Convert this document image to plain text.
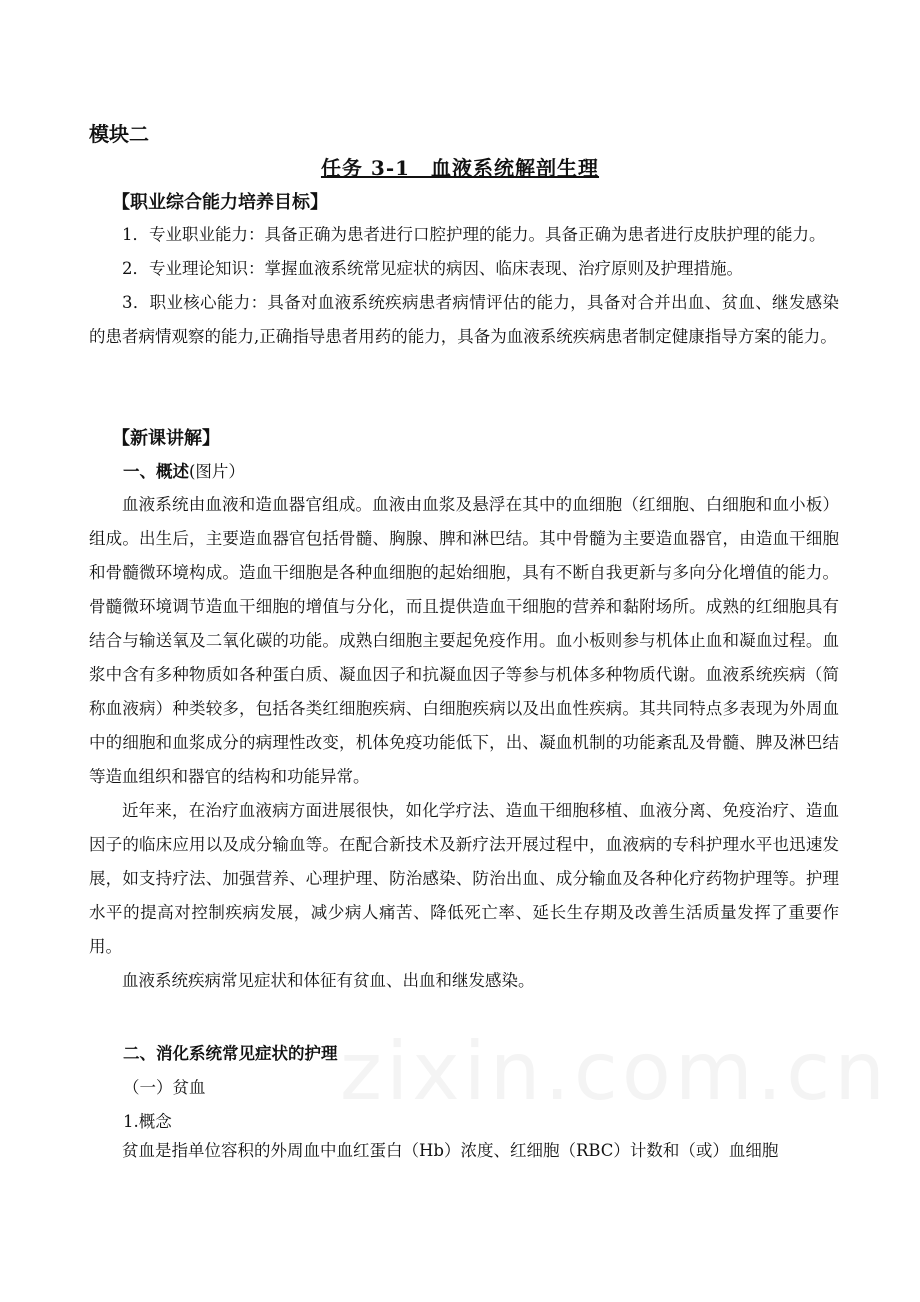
模块二
任务 3-1　血液系统解剖生理
【职业综合能力培养目标】

1．专业职业能力：具备正确为患者进行口腔护理的能力。具备正确为患者进行皮肤护理的能力。

2．专业理论知识：掌握血液系统常见症状的病因、临床表现、治疗原则及护理措施。

3．职业核心能力：具备对血液系统疾病患者病情评估的能力，具备对合并出血、贫血、继发感染的患者病情观察的能力,正确指导患者用药的能力，具备为血液系统疾病患者制定健康指导方案的能力。

【新课讲解】
一、概述(图片）

血液系统由血液和造血器官组成。血液由血浆及悬浮在其中的血细胞（红细胞、白细胞和血小板）组成。出生后，主要造血器官包括骨髓、胸腺、脾和淋巴结。其中骨髓为主要造血器官，由造血干细胞和骨髓微环境构成。造血干细胞是各种血细胞的起始细胞，具有不断自我更新与多向分化增值的能力。骨髓微环境调节造血干细胞的增值与分化，而且提供造血干细胞的营养和黏附场所。成熟的红细胞具有结合与输送氧及二氧化碳的功能。成熟白细胞主要起免疫作用。血小板则参与机体止血和凝血过程。血浆中含有多种物质如各种蛋白质、凝血因子和抗凝血因子等参与机体多种物质代谢。血液系统疾病（简称血液病）种类较多，包括各类红细胞疾病、白细胞疾病以及出血性疾病。其共同特点多表现为外周血中的细胞和血浆成分的病理性改变，机体免疫功能低下，出、凝血机制的功能紊乱及骨髓、脾及淋巴结等造血组织和器官的结构和功能异常。

近年来，在治疗血液病方面进展很快，如化学疗法、造血干细胞移植、血液分离、免疫治疗、造血因子的临床应用以及成分输血等。在配合新技术及新疗法开展过程中，血液病的专科护理水平也迅速发展，如支持疗法、加强营养、心理护理、防治感染、防治出血、成分输血及各种化疗药物护理等。护理水平的提高对控制疾病发展，减少病人痛苦、降低死亡率、延长生存期及改善生活质量发挥了重要作用。

血液系统疾病常见症状和体征有贫血、出血和继发感染。

二、消化系统常见症状的护理
（一）贫血
1.概念

贫血是指单位容积的外周血中血红蛋白（Hb）浓度、红细胞（RBC）计数和（或）血细胞

zixin.com.cn
